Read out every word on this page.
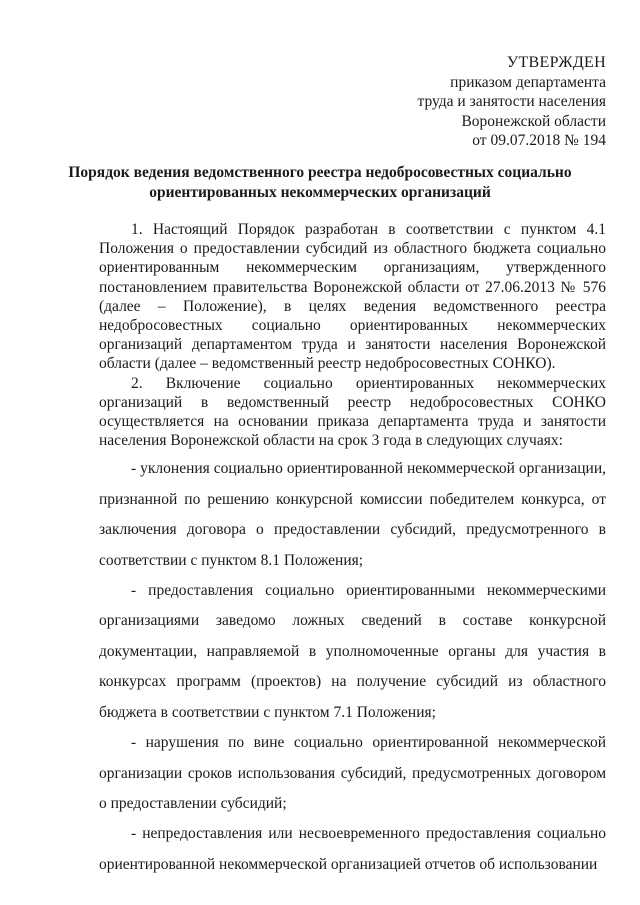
УТВЕРЖДЕН
приказом департамента
труда и занятости населения
Воронежской области
от 09.07.2018 № 194
Порядок ведения ведомственного реестра недобросовестных социально
ориентированных некоммерческих организаций

1. Настоящий Порядок разработан в соответствии с пунктом 4.1 Положения о предоставлении субсидий из областного бюджета социально ориентированным некоммерческим организациям, утвержденного постановлением правительства Воронежской области от 27.06.2013 № 576 (далее – Положение), в целях ведения ведомственного реестра недобросовестных социально ориентированных некоммерческих организаций департаментом труда и занятости населения Воронежской области (далее – ведомственный реестр недобросовестных СОНКО).

2. Включение социально ориентированных некоммерческих организаций в ведомственный реестр недобросовестных СОНКО осуществляется на основании приказа департамента труда и занятости населения Воронежской области на срок 3 года в следующих случаях:

- уклонения социально ориентированной некоммерческой организации, признанной по решению конкурсной комиссии победителем конкурса, от заключения договора о предоставлении субсидий, предусмотренного в соответствии с пунктом 8.1 Положения;

- предоставления социально ориентированными некоммерческими организациями заведомо ложных сведений в составе конкурсной документации, направляемой в уполномоченные органы для участия в конкурсах программ (проектов) на получение субсидий из областного бюджета в соответствии с пунктом 7.1 Положения;

- нарушения по вине социально ориентированной некоммерческой организации сроков использования субсидий, предусмотренных договором о предоставлении субсидий;

- непредоставления или несвоевременного предоставления социально ориентированной некоммерческой организацией отчетов об использовании
